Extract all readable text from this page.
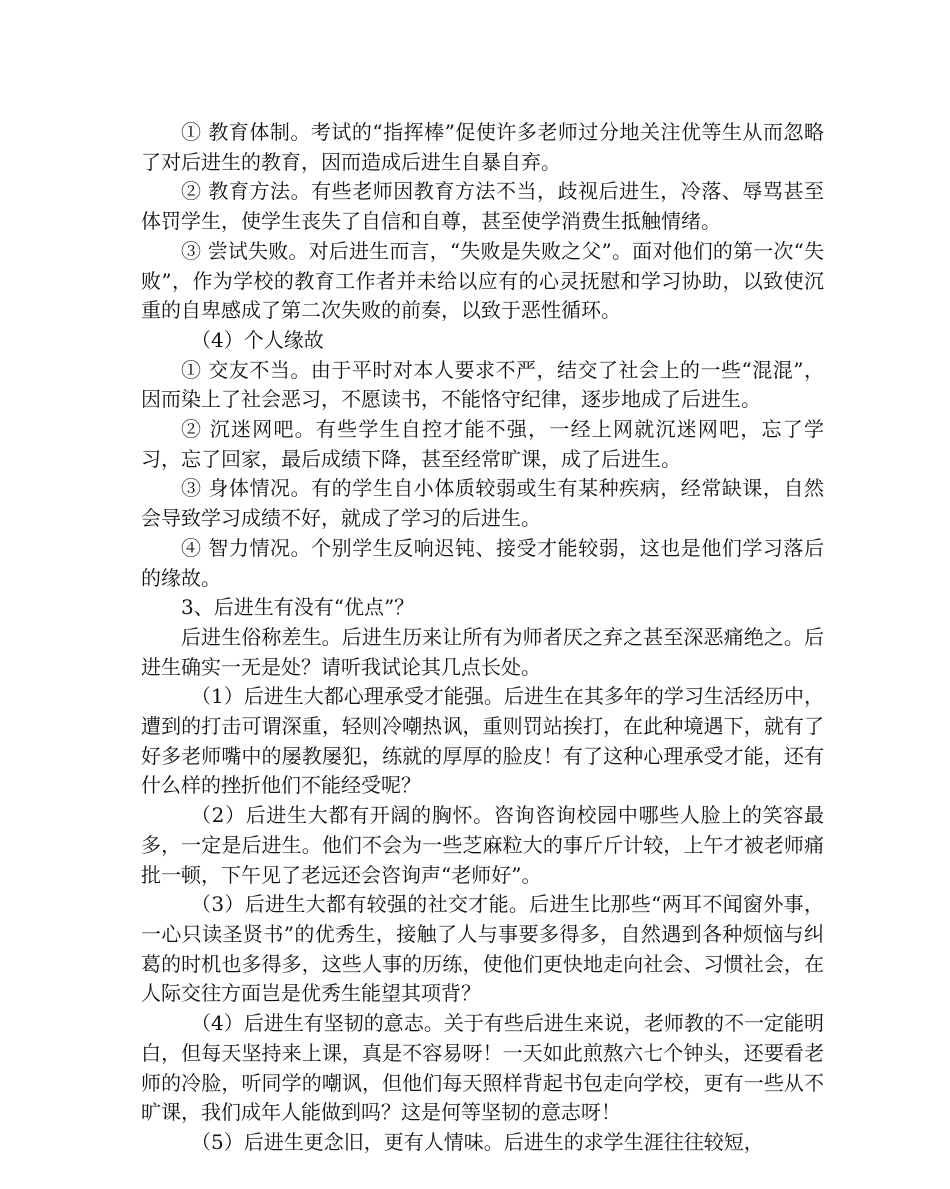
① 教育体制。考试的“指挥棒”促使许多老师过分地关注优等生从而忽略了对后进生的教育，因而造成后进生自暴自弃。

② 教育方法。有些老师因教育方法不当，歧视后进生，冷落、辱骂甚至体罚学生，使学生丧失了自信和自尊，甚至使学消费生抵触情绪。

③ 尝试失败。对后进生而言，“失败是失败之父”。面对他们的第一次“失败”，作为学校的教育工作者并未给以应有的心灵抚慰和学习协助，以致使沉重的自卑感成了第二次失败的前奏，以致于恶性循环。

（4）个人缘故

① 交友不当。由于平时对本人要求不严，结交了社会上的一些“混混”，因而染上了社会恶习，不愿读书，不能恪守纪律，逐步地成了后进生。

② 沉迷网吧。有些学生自控才能不强，一经上网就沉迷网吧，忘了学习，忘了回家，最后成绩下降，甚至经常旷课，成了后进生。

③ 身体情况。有的学生自小体质较弱或生有某种疾病，经常缺课，自然会导致学习成绩不好，就成了学习的后进生。

④ 智力情况。个别学生反响迟钝、接受才能较弱，这也是他们学习落后的缘故。

3、后进生有没有“优点”？

后进生俗称差生。后进生历来让所有为师者厌之弃之甚至深恶痛绝之。后进生确实一无是处？请听我试论其几点长处。

（1）后进生大都心理承受才能强。后进生在其多年的学习生活经历中，遭到的打击可谓深重，轻则冷嘲热讽，重则罚站挨打，在此种境遇下，就有了好多老师嘴中的屡教屡犯，练就的厚厚的脸皮！有了这种心理承受才能，还有什么样的挫折他们不能经受呢？

（2）后进生大都有开阔的胸怀。咨询咨询校园中哪些人脸上的笑容最多，一定是后进生。他们不会为一些芝麻粒大的事斤斤计较，上午才被老师痛批一顿，下午见了老远还会咨询声“老师好”。

（3）后进生大都有较强的社交才能。后进生比那些“两耳不闻窗外事，一心只读圣贤书”的优秀生，接触了人与事要多得多，自然遇到各种烦恼与纠葛的时机也多得多，这些人事的历练，使他们更快地走向社会、习惯社会，在人际交往方面岂是优秀生能望其项背？

（4）后进生有坚韧的意志。关于有些后进生来说，老师教的不一定能明白，但每天坚持来上课，真是不容易呀！一天如此煎熬六七个钟头，还要看老师的冷脸，听同学的嘲讽，但他们每天照样背起书包走向学校，更有一些从不旷课，我们成年人能做到吗？这是何等坚韧的意志呀！

（5）后进生更念旧，更有人情味。后进生的求学生涯往往较短，
